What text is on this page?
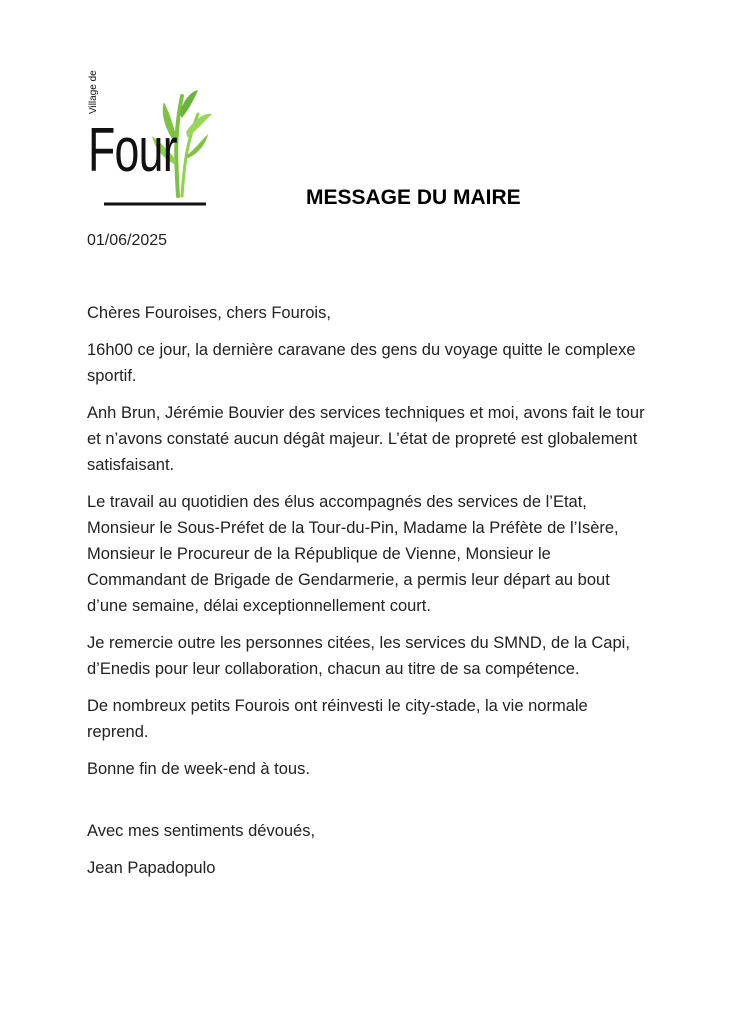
Village de
Four
MESSAGE DU MAIRE
01/06/2025

Chères Fouroises, chers Fourois,

16h00 ce jour, la dernière caravane des gens du voyage quitte le complexe sportif.

Anh Brun, Jérémie Bouvier des services techniques et moi, avons fait le tour et n’avons constaté aucun dégât majeur. L’état de propreté est globalement satisfaisant.

Le travail au quotidien des élus accompagnés des services de l’Etat, Monsieur le Sous-Préfet de la Tour-du-Pin, Madame la Préfète de l’Isère, Monsieur le Procureur de la République de Vienne, Monsieur le Commandant de Brigade de Gendarmerie, a permis leur départ au bout d’une semaine, délai exceptionnellement court.

Je remercie outre les personnes citées, les services du SMND, de la Capi, d’Enedis pour leur collaboration, chacun au titre de sa compétence.

De nombreux petits Fourois ont réinvesti le city-stade, la vie normale reprend.

Bonne fin de week-end à tous.

Avec mes sentiments dévoués,

Jean Papadopulo
